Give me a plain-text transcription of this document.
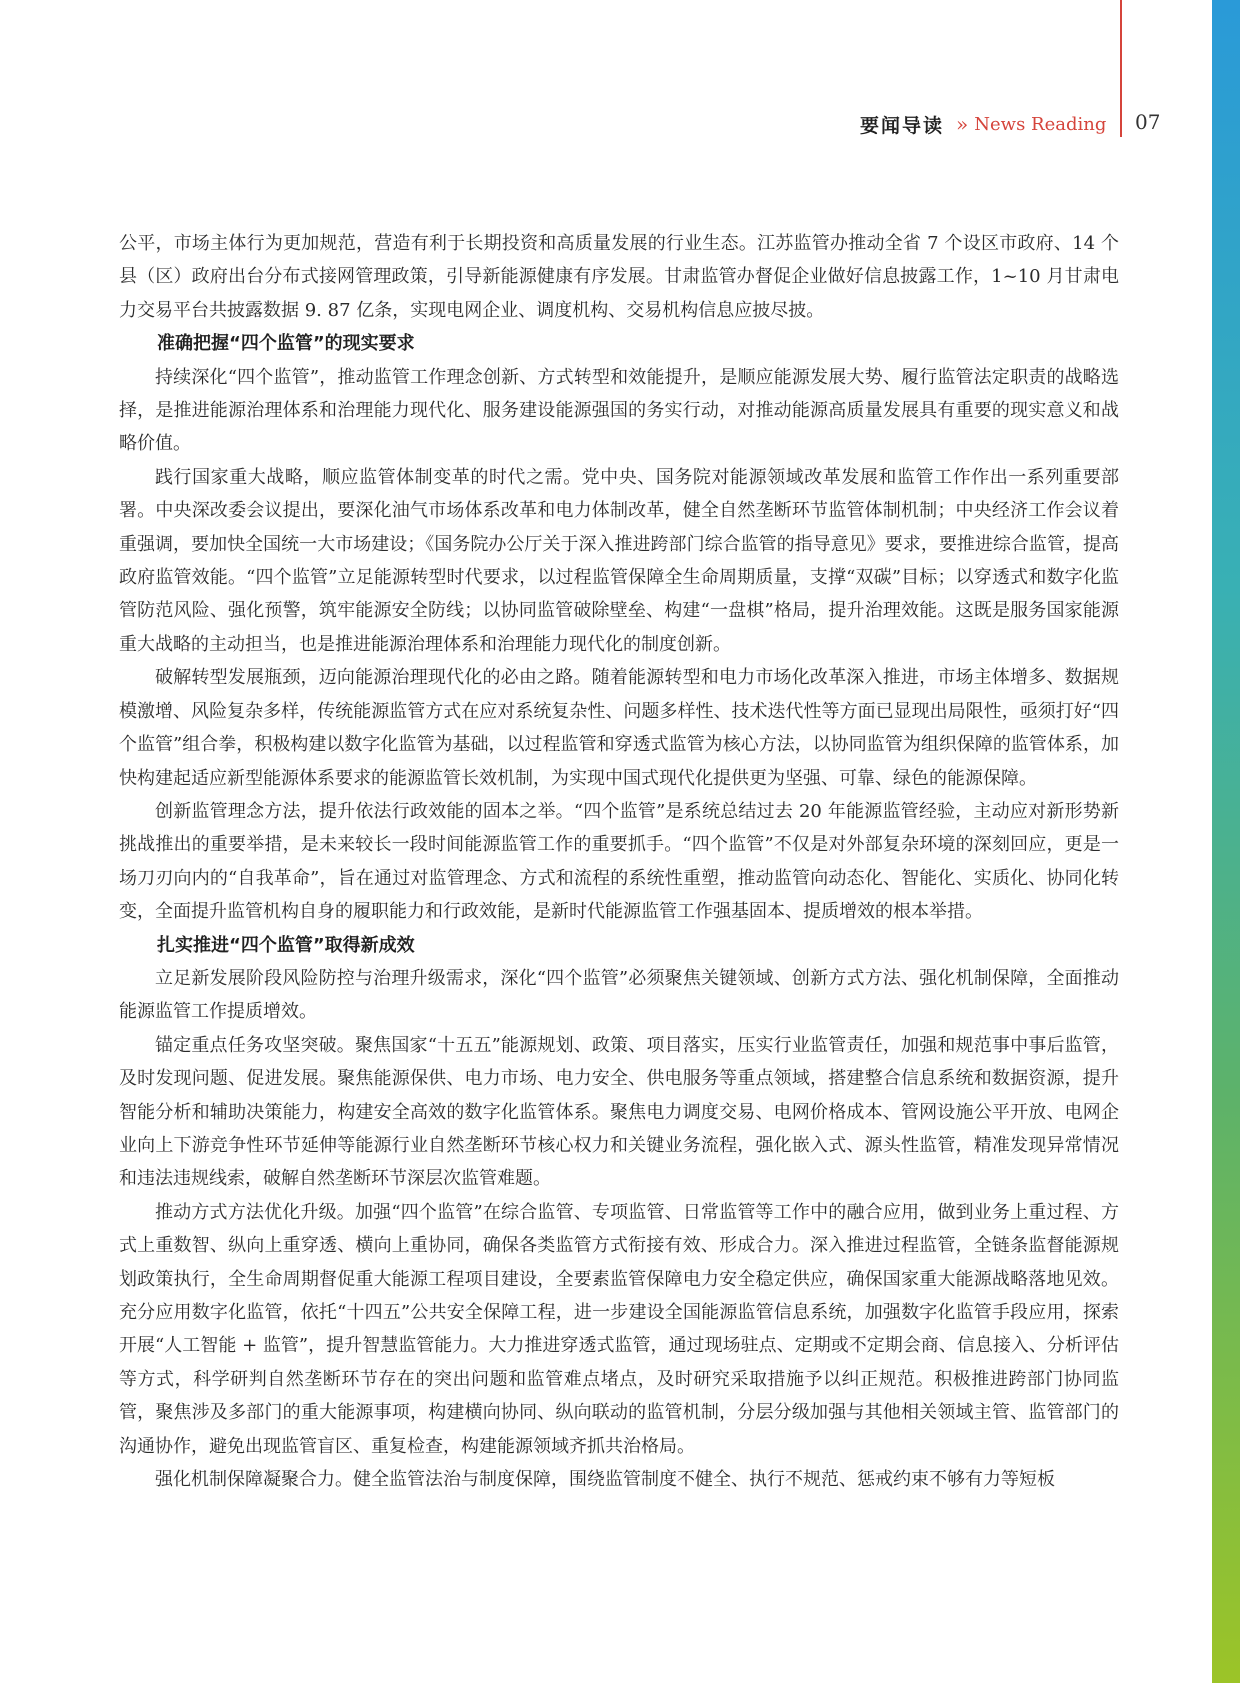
要闻导读 » News Reading 07

公平，市场主体行为更加规范，营造有利于长期投资和高质量发展的行业生态。江苏监管办推动全省 7 个设区市政府、14 个县（区）政府出台分布式接网管理政策，引导新能源健康有序发展。甘肃监管办督促企业做好信息披露工作，1~10 月甘肃电力交易平台共披露数据 9. 87 亿条，实现电网企业、调度机构、交易机构信息应披尽披。

准确把握“四个监管”的现实要求

持续深化“四个监管”，推动监管工作理念创新、方式转型和效能提升，是顺应能源发展大势、履行监管法定职责的战略选择，是推进能源治理体系和治理能力现代化、服务建设能源强国的务实行动，对推动能源高质量发展具有重要的现实意义和战略价值。

践行国家重大战略，顺应监管体制变革的时代之需。党中央、国务院对能源领域改革发展和监管工作作出一系列重要部署。中央深改委会议提出，要深化油气市场体系改革和电力体制改革，健全自然垄断环节监管体制机制；中央经济工作会议着重强调，要加快全国统一大市场建设；《国务院办公厅关于深入推进跨部门综合监管的指导意见》要求，要推进综合监管，提高政府监管效能。“四个监管”立足能源转型时代要求，以过程监管保障全生命周期质量，支撑“双碳”目标；以穿透式和数字化监管防范风险、强化预警，筑牢能源安全防线；以协同监管破除壁垒、构建“一盘棋”格局，提升治理效能。这既是服务国家能源重大战略的主动担当，也是推进能源治理体系和治理能力现代化的制度创新。

破解转型发展瓶颈，迈向能源治理现代化的必由之路。随着能源转型和电力市场化改革深入推进，市场主体增多、数据规模激增、风险复杂多样，传统能源监管方式在应对系统复杂性、问题多样性、技术迭代性等方面已显现出局限性，亟须打好“四个监管”组合拳，积极构建以数字化监管为基础，以过程监管和穿透式监管为核心方法，以协同监管为组织保障的监管体系，加快构建起适应新型能源体系要求的能源监管长效机制，为实现中国式现代化提供更为坚强、可靠、绿色的能源保障。

创新监管理念方法，提升依法行政效能的固本之举。“四个监管”是系统总结过去 20 年能源监管经验，主动应对新形势新挑战推出的重要举措，是未来较长一段时间能源监管工作的重要抓手。“四个监管”不仅是对外部复杂环境的深刻回应，更是一场刀刃向内的“自我革命”，旨在通过对监管理念、方式和流程的系统性重塑，推动监管向动态化、智能化、实质化、协同化转变，全面提升监管机构自身的履职能力和行政效能，是新时代能源监管工作强基固本、提质增效的根本举措。

扎实推进“四个监管”取得新成效

立足新发展阶段风险防控与治理升级需求，深化“四个监管”必须聚焦关键领域、创新方式方法、强化机制保障，全面推动能源监管工作提质增效。

锚定重点任务攻坚突破。聚焦国家“十五五”能源规划、政策、项目落实，压实行业监管责任，加强和规范事中事后监管，及时发现问题、促进发展。聚焦能源保供、电力市场、电力安全、供电服务等重点领域，搭建整合信息系统和数据资源，提升智能分析和辅助决策能力，构建安全高效的数字化监管体系。聚焦电力调度交易、电网价格成本、管网设施公平开放、电网企业向上下游竞争性环节延伸等能源行业自然垄断环节核心权力和关键业务流程，强化嵌入式、源头性监管，精准发现异常情况和违法违规线索，破解自然垄断环节深层次监管难题。

推动方式方法优化升级。加强“四个监管”在综合监管、专项监管、日常监管等工作中的融合应用，做到业务上重过程、方式上重数智、纵向上重穿透、横向上重协同，确保各类监管方式衔接有效、形成合力。深入推进过程监管，全链条监督能源规划政策执行，全生命周期督促重大能源工程项目建设，全要素监管保障电力安全稳定供应，确保国家重大能源战略落地见效。充分应用数字化监管，依托“十四五”公共安全保障工程，进一步建设全国能源监管信息系统，加强数字化监管手段应用，探索开展“人工智能 + 监管”，提升智慧监管能力。大力推进穿透式监管，通过现场驻点、定期或不定期会商、信息接入、分析评估等方式，科学研判自然垄断环节存在的突出问题和监管难点堵点，及时研究采取措施予以纠正规范。积极推进跨部门协同监管，聚焦涉及多部门的重大能源事项，构建横向协同、纵向联动的监管机制，分层分级加强与其他相关领域主管、监管部门的沟通协作，避免出现监管盲区、重复检查，构建能源领域齐抓共治格局。

强化机制保障凝聚合力。健全监管法治与制度保障，围绕监管制度不健全、执行不规范、惩戒约束不够有力等短板
